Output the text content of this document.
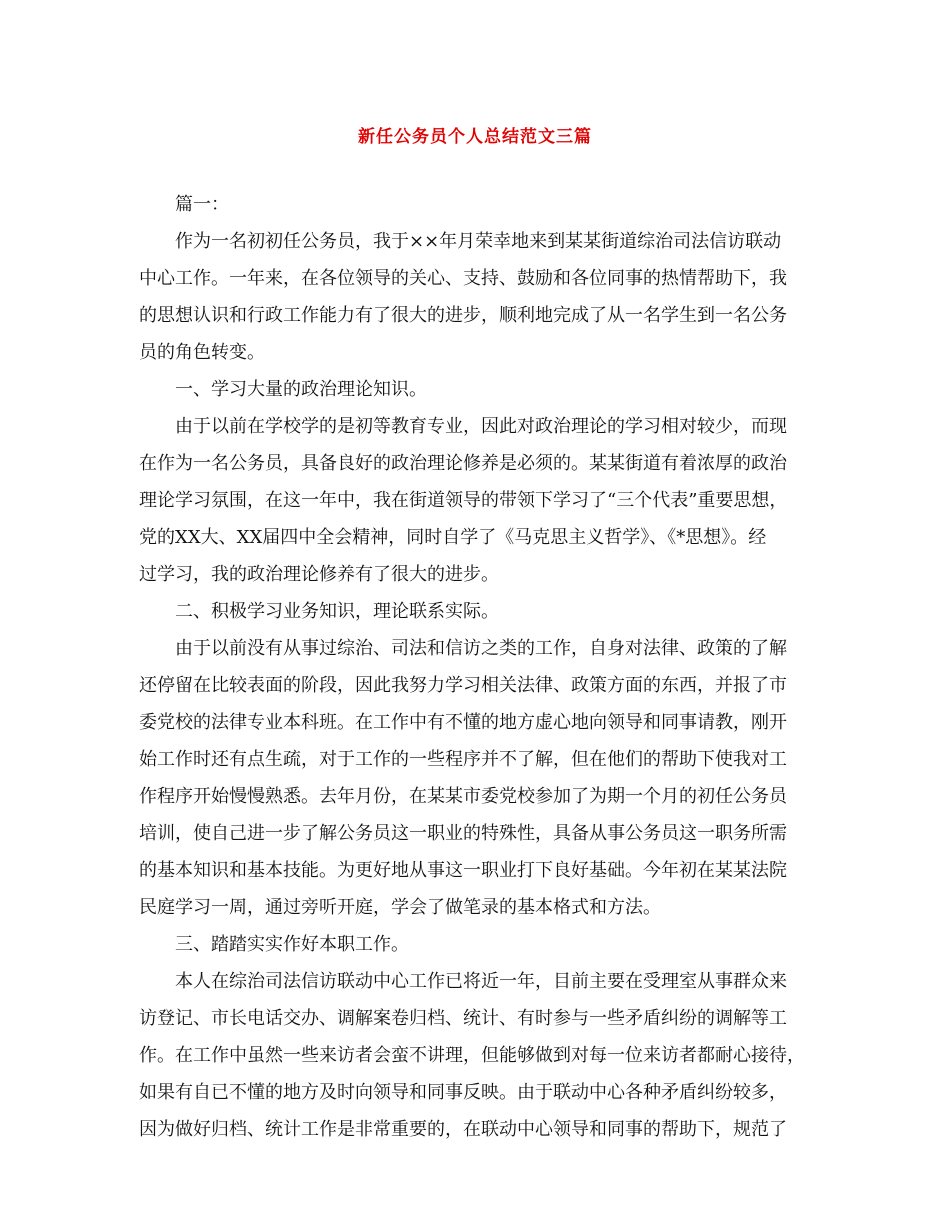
新任公务员个人总结范文三篇
篇一：
作为一名初初任公务员，我于××年月荣幸地来到某某街道综治司法信访联动
中心工作。一年来，在各位领导的关心、支持、鼓励和各位同事的热情帮助下，我
的思想认识和行政工作能力有了很大的进步，顺利地完成了从一名学生到一名公务
员的角色转变。
一、学习大量的政治理论知识。
由于以前在学校学的是初等教育专业，因此对政治理论的学习相对较少，而现
在作为一名公务员，具备良好的政治理论修养是必须的。某某街道有着浓厚的政治
理论学习氛围，在这一年中，我在街道领导的带领下学习了“三个代表”重要思想，
党的XX大、XX届四中全会精神，同时自学了《马克思主义哲学》、《*思想》。经
过学习，我的政治理论修养有了很大的进步。
二、积极学习业务知识，理论联系实际。
由于以前没有从事过综治、司法和信访之类的工作，自身对法律、政策的了解
还停留在比较表面的阶段，因此我努力学习相关法律、政策方面的东西，并报了市
委党校的法律专业本科班。在工作中有不懂的地方虚心地向领导和同事请教，刚开
始工作时还有点生疏，对于工作的一些程序并不了解，但在他们的帮助下使我对工
作程序开始慢慢熟悉。去年月份，在某某市委党校参加了为期一个月的初任公务员
培训，使自己进一步了解公务员这一职业的特殊性，具备从事公务员这一职务所需
的基本知识和基本技能。为更好地从事这一职业打下良好基础。今年初在某某法院
民庭学习一周，通过旁听开庭，学会了做笔录的基本格式和方法。
三、踏踏实实作好本职工作。
本人在综治司法信访联动中心工作已将近一年，目前主要在受理室从事群众来
访登记、市长电话交办、调解案卷归档、统计、有时参与一些矛盾纠纷的调解等工
作。在工作中虽然一些来访者会蛮不讲理，但能够做到对每一位来访者都耐心接待，
如果有自已不懂的地方及时向领导和同事反映。由于联动中心各种矛盾纠纷较多，
因为做好归档、统计工作是非常重要的，在联动中心领导和同事的帮助下，规范了
